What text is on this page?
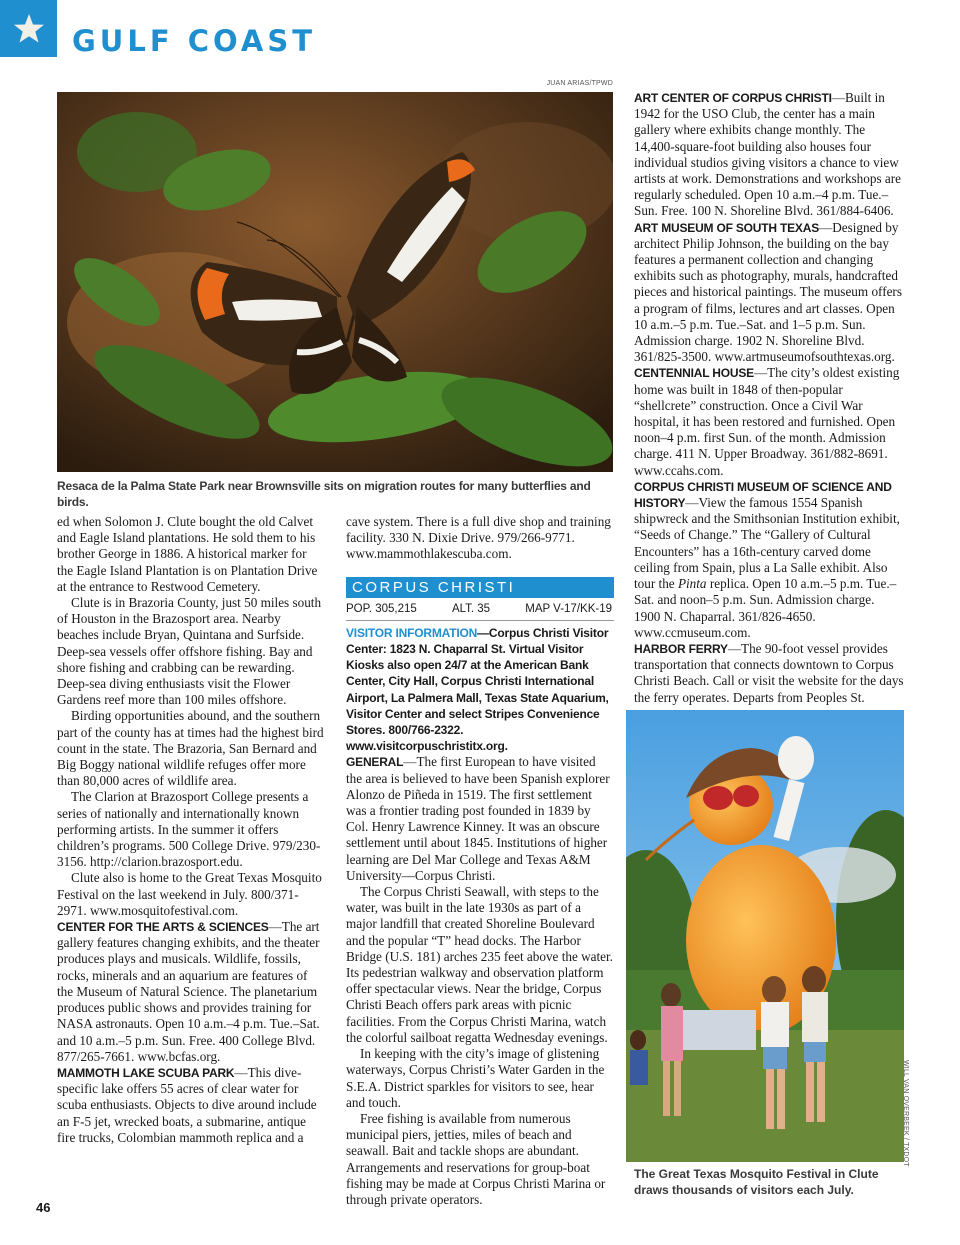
GULF COAST
JUAN ARIAS/TPWD
Resaca de la Palma State Park near Brownsville sits on migration routes for many butterflies and birds.

ed when Solomon J. Clute bought the old Calvet and Eagle Island plantations. He sold them to his brother George in 1886. A historical marker for the Eagle Island Plantation is on Plantation Drive at the entrance to Restwood Cemetery.

Clute is in Brazoria County, just 50 miles south of Houston in the Brazosport area. Nearby beaches include Bryan, Quintana and Surfside. Deep-sea vessels offer offshore fishing. Bay and shore fishing and crabbing can be rewarding. Deep-sea diving enthusiasts visit the Flower Gardens reef more than 100 miles offshore.

Birding opportunities abound, and the southern part of the county has at times had the highest bird count in the state. The Brazoria, San Bernard and Big Boggy national wildlife refuges offer more than 80,000 acres of wildlife area.

The Clarion at Brazosport College presents a series of nationally and internationally known performing artists. In the summer it offers children’s programs. 500 College Drive. 979/230-3156. http://clarion.brazosport.edu.

Clute also is home to the Great Texas Mosquito Festival on the last weekend in July. 800/371-2971. www.mosquitofestival.com.

CENTER FOR THE ARTS & SCIENCES—The art gallery features changing exhibits, and the theater produces plays and musicals. Wildlife, fossils, rocks, minerals and an aquarium are features of the Museum of Natural Science. The planetarium produces public shows and provides training for NASA astronauts. Open 10 a.m.–4 p.m. Tue.–Sat. and 10 a.m.–5 p.m. Sun. Free. 400 College Blvd. 877/265-7661. www.bcfas.org.

MAMMOTH LAKE SCUBA PARK—This dive-specific lake offers 55 acres of clear water for scuba enthusiasts. Objects to dive around include an F-5 jet, wrecked boats, a submarine, antique fire trucks, Colombian mammoth replica and a

cave system. There is a full dive shop and training facility. 330 N. Dixie Drive. 979/266-9771. www.mammothlakescuba.com.

CORPUS CHRISTI
POP. 305,215	ALT. 35	MAP V-17/KK-19

VISITOR INFORMATION—Corpus Christi Visitor Center: 1823 N. Chaparral St. Virtual Visitor Kiosks also open 24/7 at the American Bank Center, City Hall, Corpus Christi International Airport, La Palmera Mall, Texas State Aquarium, Visitor Center and select Stripes Convenience Stores. 800/766-2322. www.visitcorpuschristitx.org.

GENERAL—The first European to have visited the area is believed to have been Spanish explorer Alonzo de Piñeda in 1519. The first settlement was a frontier trading post founded in 1839 by Col. Henry Lawrence Kinney. It was an obscure settlement until about 1845. Institutions of higher learning are Del Mar College and Texas A&M University—Corpus Christi.

The Corpus Christi Seawall, with steps to the water, was built in the late 1930s as part of a major landfill that created Shoreline Boulevard and the popular “T” head docks. The Harbor Bridge (U.S. 181) arches 235 feet above the water. Its pedestrian walkway and observation platform offer spectacular views. Near the bridge, Corpus Christi Beach offers park areas with picnic facilities. From the Corpus Christi Marina, watch the colorful sailboat regatta Wednesday evenings.

In keeping with the city’s image of glistening waterways, Corpus Christi’s Water Garden in the S.E.A. District sparkles for visitors to see, hear and touch.

Free fishing is available from numerous municipal piers, jetties, miles of beach and seawall. Bait and tackle shops are abundant. Arrangements and reservations for group-boat fishing may be made at Corpus Christi Marina or through private operators.

ART CENTER OF CORPUS CHRISTI—Built in 1942 for the USO Club, the center has a main gallery where exhibits change monthly. The 14,400-square-foot building also houses four individual studios giving visitors a chance to view artists at work. Demonstrations and workshops are regularly scheduled. Open 10 a.m.–4 p.m. Tue.–Sun. Free. 100 N. Shoreline Blvd. 361/884-6406.

ART MUSEUM OF SOUTH TEXAS—Designed by architect Philip Johnson, the building on the bay features a permanent collection and changing exhibits such as photography, murals, handcrafted pieces and historical paintings. The museum offers a program of films, lectures and art classes. Open 10 a.m.–5 p.m. Tue.–Sat. and 1–5 p.m. Sun. Admission charge. 1902 N. Shoreline Blvd. 361/825-3500. www.artmuseumofsouthtexas.org.

CENTENNIAL HOUSE—The city’s oldest existing home was built in 1848 of then-popular “shellcrete” construction. Once a Civil War hospital, it has been restored and furnished. Open noon–4 p.m. first Sun. of the month. Admission charge. 411 N. Upper Broadway. 361/882-8691. www.ccahs.com.

CORPUS CHRISTI MUSEUM OF SCIENCE AND HISTORY—View the famous 1554 Spanish shipwreck and the Smithsonian Institution exhibit, “Seeds of Change.” The “Gallery of Cultural Encounters” has a 16th-century carved dome ceiling from Spain, plus a La Salle exhibit. Also tour the Pinta replica. Open 10 a.m.–5 p.m. Tue.–Sat. and noon–5 p.m. Sun. Admission charge. 1900 N. Chaparral. 361/826-4650. www.ccmuseum.com.

HARBOR FERRY—The 90-foot vessel provides transportation that connects downtown to Corpus Christi Beach. Call or visit the website for the days the ferry operates. Departs from Peoples St.

WILL VAN OVERBEEK / TXDOT
The Great Texas Mosquito Festival in Clute draws thousands of visitors each July.
46
